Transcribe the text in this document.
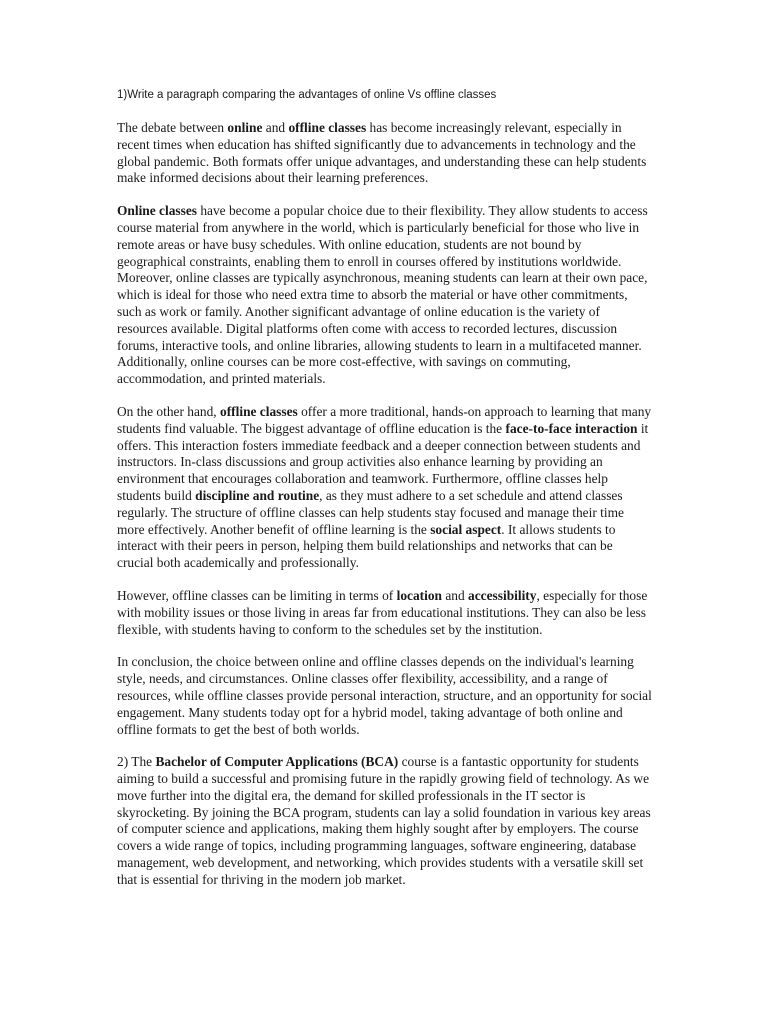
1)Write a paragraph comparing the advantages of online Vs offline classes

The debate between online and offline classes has become increasingly relevant, especially in recent times when education has shifted significantly due to advancements in technology and the global pandemic. Both formats offer unique advantages, and understanding these can help students make informed decisions about their learning preferences.

Online classes have become a popular choice due to their flexibility. They allow students to access course material from anywhere in the world, which is particularly beneficial for those who live in remote areas or have busy schedules. With online education, students are not bound by geographical constraints, enabling them to enroll in courses offered by institutions worldwide. Moreover, online classes are typically asynchronous, meaning students can learn at their own pace, which is ideal for those who need extra time to absorb the material or have other commitments, such as work or family. Another significant advantage of online education is the variety of resources available. Digital platforms often come with access to recorded lectures, discussion forums, interactive tools, and online libraries, allowing students to learn in a multifaceted manner. Additionally, online courses can be more cost-effective, with savings on commuting, accommodation, and printed materials.

On the other hand, offline classes offer a more traditional, hands-on approach to learning that many students find valuable. The biggest advantage of offline education is the face-to-face interaction it offers. This interaction fosters immediate feedback and a deeper connection between students and instructors. In-class discussions and group activities also enhance learning by providing an environment that encourages collaboration and teamwork. Furthermore, offline classes help students build discipline and routine, as they must adhere to a set schedule and attend classes regularly. The structure of offline classes can help students stay focused and manage their time more effectively. Another benefit of offline learning is the social aspect. It allows students to interact with their peers in person, helping them build relationships and networks that can be crucial both academically and professionally.

However, offline classes can be limiting in terms of location and accessibility, especially for those with mobility issues or those living in areas far from educational institutions. They can also be less flexible, with students having to conform to the schedules set by the institution.

In conclusion, the choice between online and offline classes depends on the individual's learning style, needs, and circumstances. Online classes offer flexibility, accessibility, and a range of resources, while offline classes provide personal interaction, structure, and an opportunity for social engagement. Many students today opt for a hybrid model, taking advantage of both online and offline formats to get the best of both worlds.

2) The Bachelor of Computer Applications (BCA) course is a fantastic opportunity for students aiming to build a successful and promising future in the rapidly growing field of technology. As we move further into the digital era, the demand for skilled professionals in the IT sector is skyrocketing. By joining the BCA program, students can lay a solid foundation in various key areas of computer science and applications, making them highly sought after by employers. The course covers a wide range of topics, including programming languages, software engineering, database management, web development, and networking, which provides students with a versatile skill set that is essential for thriving in the modern job market.
